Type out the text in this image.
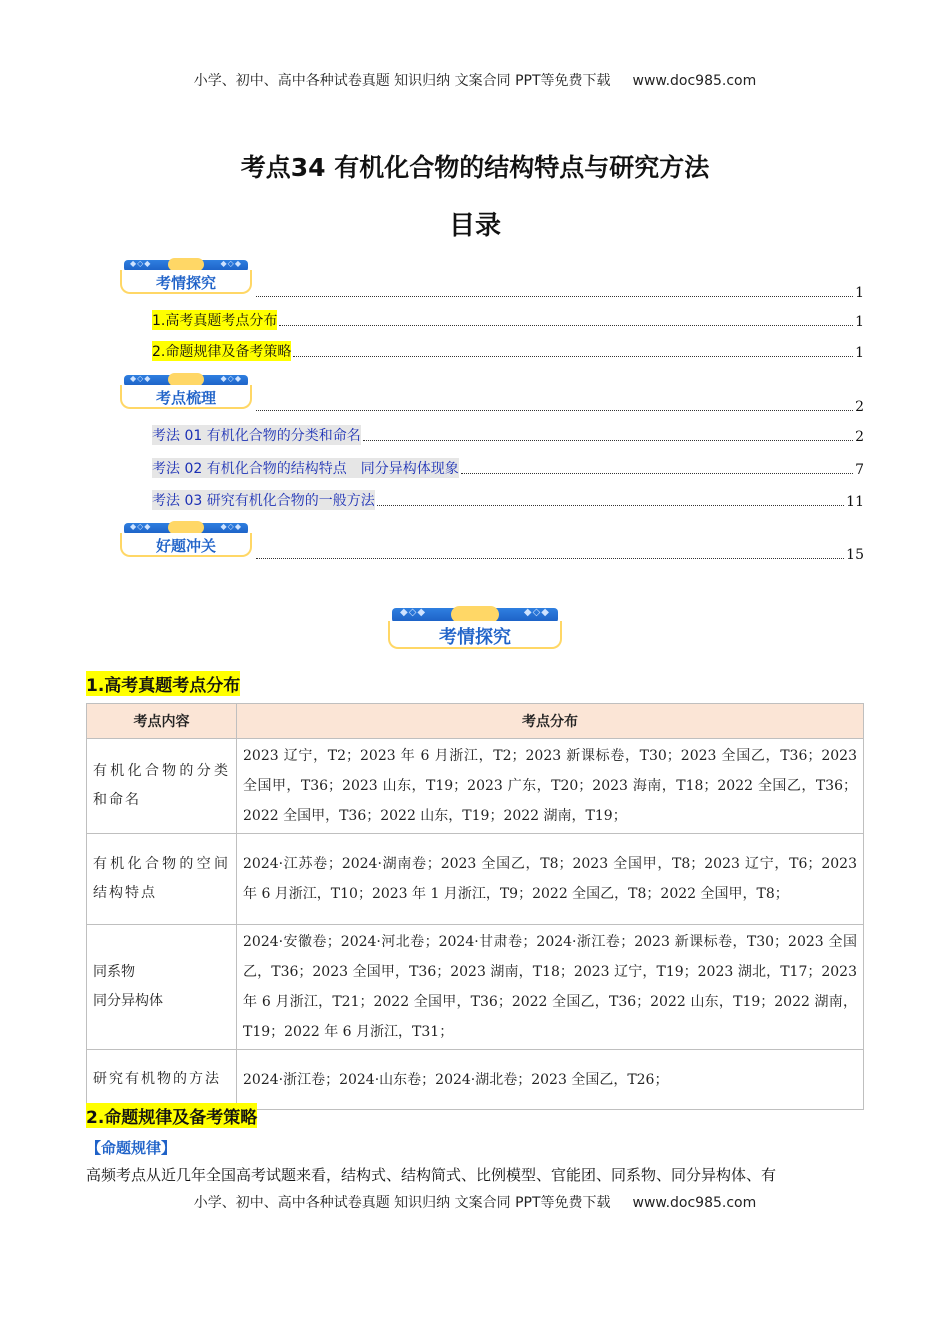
小学、初中、高中各种试卷真题 知识归纳 文案合同 PPT等免费下载 www.doc985.com
考点34 有机化合物的结构特点与研究方法
目录
◆◇◆	◆◇◆
考情探究
1
1.高考真题考点分布	1
2.命题规律及备考策略	1
◆◇◆	◆◇◆
考点梳理	2
考法 01 有机化合物的分类和命名	2
考法 02 有机化合物的结构特点　同分异构体现象	7
考法 03 研究有机化合物的一般方法	11
◆◇◆	◆◇◆
好题冲关	15
◆◇◆	◆◇◆
考情探究
1.高考真题考点分布
考点内容	考点分布
有机化合物的分类和命名	2023 辽宁，T2；2023 年 6 月浙江，T2；2023 新课标卷，T30；2023 全国乙，T36；2023 全国甲，T36；2023 山东，T19；2023 广东，T20；2023 海南，T18；2022 全国乙，T36；2022 全国甲，T36；2022 山东，T19；2022 湖南，T19；
有机化合物的空间结构特点	2024·江苏卷；2024·湖南卷；2023 全国乙，T8；2023 全国甲，T8；2023 辽宁，T6；2023 年 6 月浙江，T10；2023 年 1 月浙江，T9；2022 全国乙，T8；2022 全国甲，T8；
同系物
同分异构体	2024·安徽卷；2024·河北卷；2024·甘肃卷；2024·浙江卷；2023 新课标卷，T30；2023 全国乙，T36；2023 全国甲，T36；2023 湖南，T18；2023 辽宁，T19；2023 湖北，T17；2023 年 6 月浙江，T21；2022 全国甲，T36；2022 全国乙，T36；2022 山东，T19；2022 湖南，T19；2022 年 6 月浙江，T31；
研究有机物的方法	2024·浙江卷；2024·山东卷；2024·湖北卷；2023 全国乙，T26；
2.命题规律及备考策略
【命题规律】
高频考点从近几年全国高考试题来看，结构式、结构简式、比例模型、官能团、同系物、同分异构体、有
小学、初中、高中各种试卷真题 知识归纳 文案合同 PPT等免费下载 www.doc985.com
